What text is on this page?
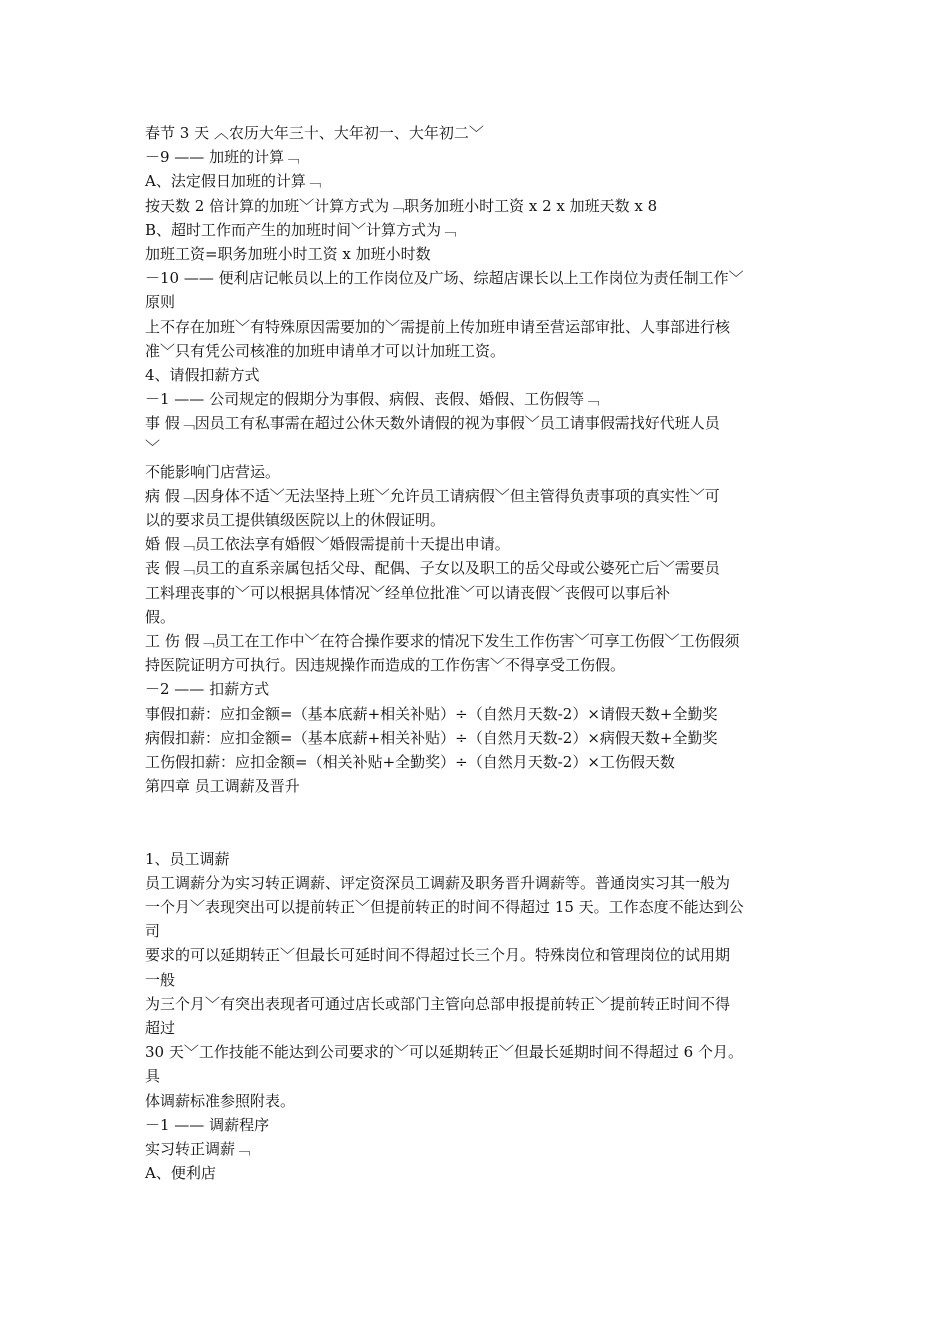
春节 3 天 ︿农历大年三十、大年初一、大年初二﹀
－9 —— 加班的计算﹁
A、法定假日加班的计算﹁
按天数 2 倍计算的加班﹀计算方式为﹁职务加班小时工资 x 2 x 加班天数 x 8
B、超时工作而产生的加班时间﹀计算方式为﹁
加班工资=职务加班小时工资 x 加班小时数
－10 —— 便利店记帐员以上的工作岗位及广场、综超店课长以上工作岗位为责任制工作﹀
原则
上不存在加班﹀有特殊原因需要加的﹀需提前上传加班申请至营运部审批、人事部进行核
准﹀只有凭公司核准的加班申请单才可以计加班工资。
4、请假扣薪方式
－1 —— 公司规定的假期分为事假、病假、丧假、婚假、工伤假等﹁
事 假﹁因员工有私事需在超过公休天数外请假的视为事假﹀员工请事假需找好代班人员
﹀
不能影响门店营运。
病 假﹁因身体不适﹀无法坚持上班﹀允许员工请病假﹀但主管得负责事项的真实性﹀可
以的要求员工提供镇级医院以上的休假证明。
婚 假﹁员工依法享有婚假﹀婚假需提前十天提出申请。
丧 假﹁员工的直系亲属包括父母、配偶、子女以及职工的岳父母或公婆死亡后﹀需要员
工料理丧事的﹀可以根据具体情况﹀经单位批准﹀可以请丧假﹀丧假可以事后补
假。
工 伤 假﹁员工在工作中﹀在符合操作要求的情况下发生工作伤害﹀可享工伤假﹀工伤假须
持医院证明方可执行。因违规操作而造成的工作伤害﹀不得享受工伤假。
－2 —— 扣薪方式
事假扣薪：应扣金额=（基本底薪+相关补贴）÷（自然月天数-2）×请假天数+全勤奖
病假扣薪：应扣金额=（基本底薪+相关补贴）÷（自然月天数-2）×病假天数+全勤奖
工伤假扣薪：应扣金额=（相关补贴+全勤奖）÷（自然月天数-2）×工伤假天数
第四章 员工调薪及晋升
1、员工调薪
员工调薪分为实习转正调薪、评定资深员工调薪及职务晋升调薪等。普通岗实习其一般为
一个月﹀表现突出可以提前转正﹀但提前转正的时间不得超过 15 天。工作态度不能达到公
司
要求的可以延期转正﹀但最长可延时间不得超过长三个月。特殊岗位和管理岗位的试用期
一般
为三个月﹀有突出表现者可通过店长或部门主管向总部申报提前转正﹀提前转正时间不得
超过
30 天﹀工作技能不能达到公司要求的﹀可以延期转正﹀但最长延期时间不得超过 6 个月。
具
体调薪标准参照附表。
－1 —— 调薪程序
实习转正调薪﹁
A、便利店
